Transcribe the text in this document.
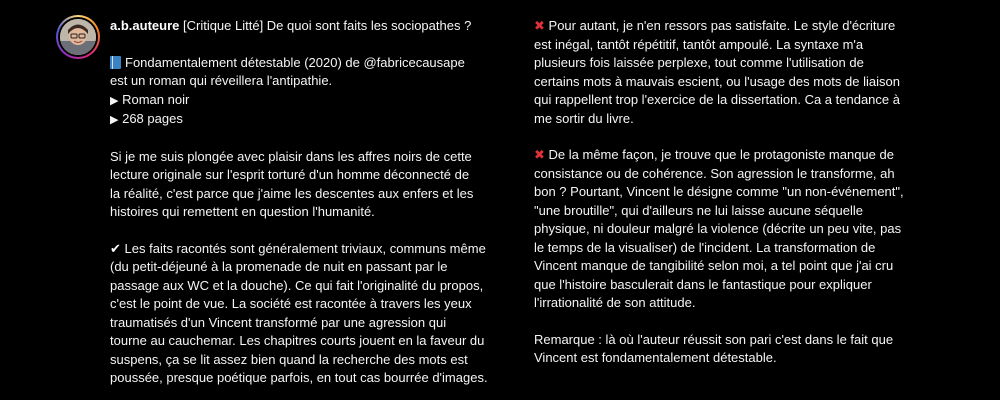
a.b.auteure [Critique Litté] De quoi sont faits les sociopathes ?

Fondamentalement détestable (2020) de @fabricecausape

est un roman qui réveillera l'antipathie.

▶ Roman noir

▶ 268 pages

Si je me suis plongée avec plaisir dans les affres noirs de cette
lecture originale sur l'esprit torturé d'un homme déconnecté de
la réalité, c'est parce que j'aime les descentes aux enfers et les
histoires qui remettent en question l'humanité.

✔ Les faits racontés sont généralement triviaux, communs même
(du petit-déjeuné à la promenade de nuit en passant par le
passage aux WC et la douche). Ce qui fait l'originalité du propos,
c'est le point de vue. La société est racontée à travers les yeux
traumatisés d'un Vincent transformé par une agression qui
tourne au cauchemar. Les chapitres courts jouent en la faveur du
suspens, ça se lit assez bien quand la recherche des mots est
poussée, presque poétique parfois, en tout cas bourrée d'images.

✖ Pour autant, je n'en ressors pas satisfaite. Le style d'écriture
est inégal, tantôt répétitif, tantôt ampoulé. La syntaxe m'a
plusieurs fois laissée perplexe, tout comme l'utilisation de
certains mots à mauvais escient, ou l'usage des mots de liaison
qui rappellent trop l'exercice de la dissertation. Ca a tendance à
me sortir du livre.

✖ De la même façon, je trouve que le protagoniste manque de
consistance ou de cohérence. Son agression le transforme, ah
bon ? Pourtant, Vincent le désigne comme "un non-événement",
"une broutille", qui d'ailleurs ne lui laisse aucune séquelle
physique, ni douleur malgré la violence (décrite un peu vite, pas
le temps de la visualiser) de l'incident. La transformation de
Vincent manque de tangibilité selon moi, a tel point que j'ai cru
que l'histoire basculerait dans le fantastique pour expliquer
l'irrationalité de son attitude.

Remarque : là où l'auteur réussit son pari c'est dans le fait que
Vincent est fondamentalement détestable.
